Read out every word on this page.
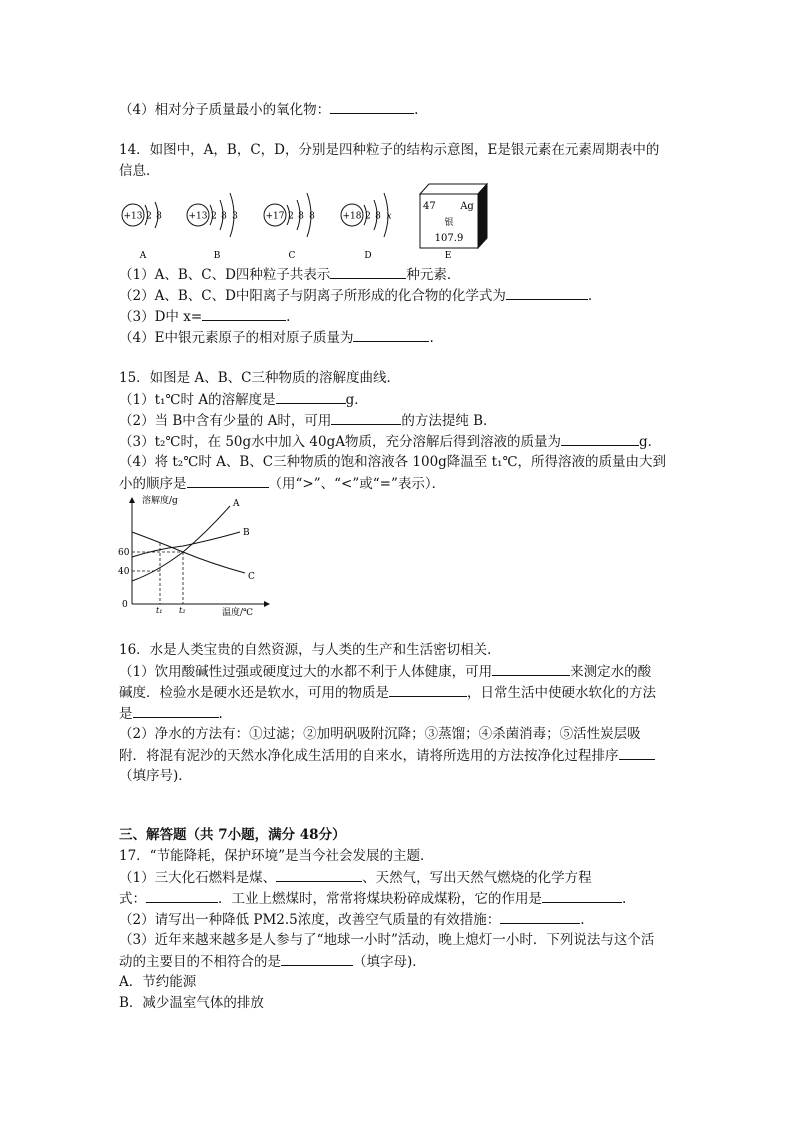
（4）相对分子质量最小的氧化物：	.
14．如图中，A，B，C，D，分别是四种粒子的结构示意图，E是银元素在元素周期表中的
信息．
+13 2 8
A
+13 2 8 3
B
+17 2 8 8
C
+18 2 8 x
D
47 Ag
银
107.9
E
（1）A、B、C、D四种粒子共表示	种元素．
（2）A、B、C、D中阳离子与阴离子所形成的化合物的化学式为	.
（3）D中 x=	.
（4）E中银元素原子的相对原子质量为	.
15．如图是 A、B、C三种物质的溶解度曲线．
（1）t₁℃时 A的溶解度是	g．
（2）当 B中含有少量的 A时，可用	的方法提纯 B．
（3）t₂℃时，在 50g水中加入 40gA物质，充分溶解后得到溶液的质量为	g．
（4）将 t₂℃时 A、B、C三种物质的饱和溶液各 100g降温至 t₁℃，所得溶液的质量由大到
小的顺序是	（用“>”、“<”或“=”表示）．
溶解度/g
温度/℃
0
40
60
t₁ t₂
A
B
C
16．水是人类宝贵的自然资源，与人类的生产和生活密切相关．
（1）饮用酸碱性过强或硬度过大的水都不利于人体健康，可用	来测定水的酸
碱度．检验水是硬水还是软水，可用的物质是	，日常生活中使硬水软化的方法
是	.
（2）净水的方法有：①过滤；②加明矾吸附沉降；③蒸馏；④杀菌消毒；⑤活性炭层吸
附．将混有泥沙的天然水净化成生活用的自来水，请将所选用的方法按净化过程排序
（填序号)．
三、解答题（共 7小题，满分 48分）
17．“节能降耗，保护环境”是当今社会发展的主题．
（1）三大化石燃料是煤、	、天然气，写出天然气燃烧的化学方程
式：	．工业上燃煤时，常常将煤块粉碎成煤粉，它的作用是	.
（2）请写出一种降低 PM2.5浓度，改善空气质量的有效措施：	.
（3）近年来越来越多是人参与了“地球一小时”活动，晚上熄灯一小时．下列说法与这个活
动的主要目的不相符合的是	（填字母)．
A．节约能源
B．减少温室气体的排放
